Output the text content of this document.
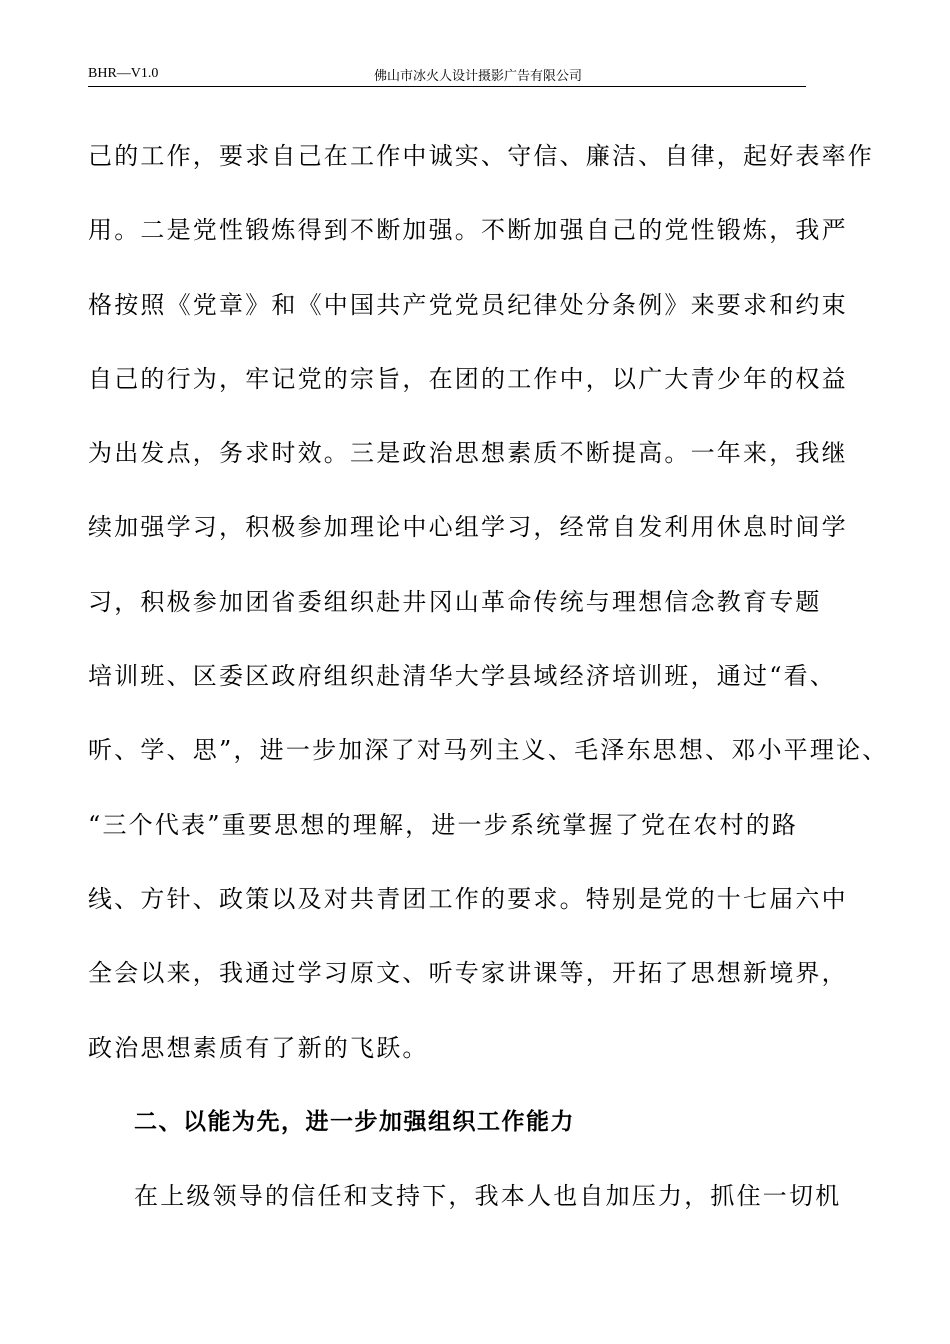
BHR—V1.0	佛山市冰火人设计摄影广告有限公司
己的工作，要求自己在工作中诚实、守信、廉洁、自律，起好表率作
用。二是党性锻炼得到不断加强。不断加强自己的党性锻炼，我严
格按照《党章》和《中国共产党党员纪律处分条例》来要求和约束
自己的行为，牢记党的宗旨，在团的工作中，以广大青少年的权益
为出发点，务求时效。三是政治思想素质不断提高。一年来，我继
续加强学习，积极参加理论中心组学习，经常自发利用休息时间学
习，积极参加团省委组织赴井冈山革命传统与理想信念教育专题
培训班、区委区政府组织赴清华大学县域经济培训班，通过“看、
听、学、思”，进一步加深了对马列主义、毛泽东思想、邓小平理论、
“三个代表”重要思想的理解，进一步系统掌握了党在农村的路
线、方针、政策以及对共青团工作的要求。特别是党的十七届六中
全会以来，我通过学习原文、听专家讲课等，开拓了思想新境界，
政治思想素质有了新的飞跃。
二、以能为先，进一步加强组织工作能力
在上级领导的信任和支持下，我本人也自加压力，抓住一切机
